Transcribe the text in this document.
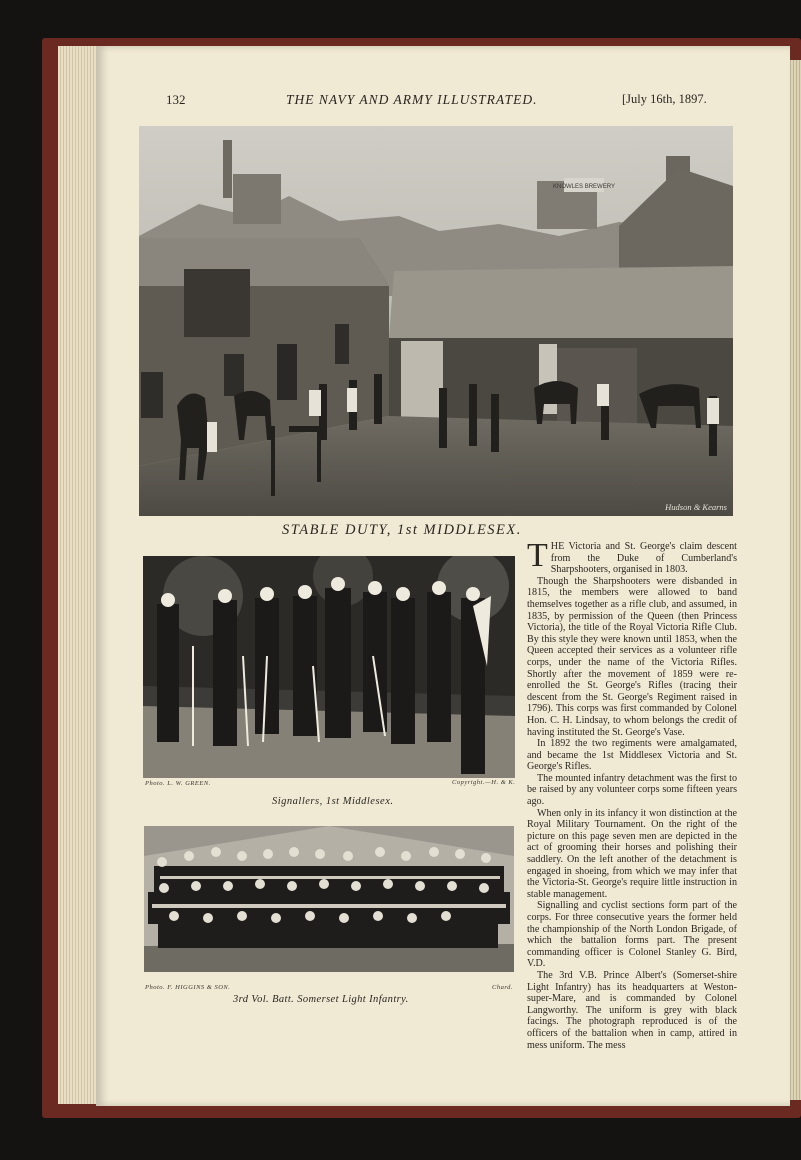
132	THE NAVY AND ARMY ILLUSTRATED.	[July 16th, 1897.
KNOWLES BREWERY
Hudson & Kearns
STABLE DUTY, 1st MIDDLESEX.
Photo. L. W. GREEN.	Copyright.—H. & K.
Signallers, 1st Middlesex.
Photo. F. HIGGINS & SON.	Chard.
3rd Vol. Batt. Somerset Light Infantry.

THE Victoria and St. George's claim descent from the Duke of Cumberland's Sharpshooters, organised in 1803.

Though the Sharpshooters were disbanded in 1815, the members were allowed to band themselves together as a rifle club, and assumed, in 1835, by permission of the Queen (then Princess Victoria), the title of the Royal Victoria Rifle Club. By this style they were known until 1853, when the Queen accepted their services as a volunteer rifle corps, under the name of the Victoria Rifles. Shortly after the movement of 1859 were re-enrolled the St. George's Rifles (tracing their descent from the St. George's Regiment raised in 1796). This corps was first commanded by Colonel Hon. C. H. Lindsay, to whom belongs the credit of having instituted the St. George's Vase.

In 1892 the two regiments were amalgamated, and became the 1st Middlesex Victoria and St. George's Rifles.

The mounted infantry detachment was the first to be raised by any volunteer corps some fifteen years ago.

When only in its infancy it won distinction at the Royal Military Tournament. On the right of the picture on this page seven men are depicted in the act of grooming their horses and polishing their saddlery. On the left another of the detachment is engaged in shoeing, from which we may infer that the Victoria-St. George's require little instruction in stable management.

Signalling and cyclist sections form part of the corps. For three consecutive years the former held the championship of the North London Brigade, of which the battalion forms part. The present commanding officer is Colonel Stanley G. Bird, V.D.

The 3rd V.B. Prince Albert's (Somerset-shire Light Infantry) has its headquarters at Weston-super-Mare, and is commanded by Colonel Langworthy. The uniform is grey with black facings. The photograph reproduced is of the officers of the battalion when in camp, attired in mess uniform. The mess
